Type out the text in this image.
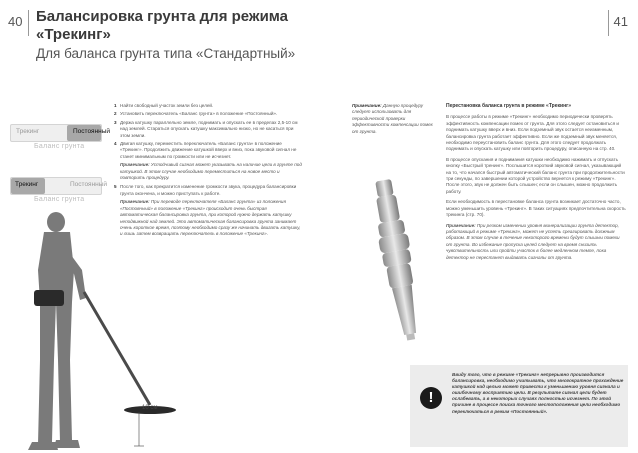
40 Балансировка грунта для режима
«Трекинг»
Для баланса грунта типа «Стандартный»
41
Трекинг	Постоянный
Баланс грунта
Трекинг	Постоянный
Баланс грунта
1 Найти свободный участок земли без целей.
2 Установить переключатель «Баланс грунта» в положение «Постоянный».
3 Держа катушку параллельно земле, поднимать и опускать ее в пределах 2,5-10 см над землей. Стараться опускать катушку максимально низко, но не касаться при этом земли.
4 Двигая катушку, переместить переключатель «Баланс грунта» в положение «Трекинг». Продолжить движение катушкой вверх и вниз, пока звуковой сигнал не станет минимальным по громкости или не исчезнет.
Примечание: Устойчивый сигнал может указывать на наличие цели в грунте под катушкой. В этом случае необходимо переместиться на новое место и повторить процедуру.
5 После того, как прекратится изменение громкости звука, процедура балансировки грунта окончена, и можно приступать к работе.
Примечание: При переводе переключателя «Баланс грунта» из положения «Постоянный» в положение «Трекинг» происходит очень быстрая автоматическая балансировка грунта, при которой нужно держать катушку неподвижной над землей. Это автоматическая балансировка грунта занимает очень короткое время, поэтому необходимо сразу же начинать двигать катушку, и лишь затем возвращать переключатель в положение «Трекинг».
10 см
Примечание: Данную процедуру следует использовать для периодической проверки эффективности компенсации помех от грунта.
Перестановка баланса грунта в режиме «Трекинг»

В процессе работы в режиме «Трекинг» необходимо периодически проверять эффективность компенсации помех от грунта. Для этого следует остановиться и поднимать катушку вверх и вниз. Если подземный звук остается неизменным, балансировка грунта работает эффективно. Если же подземный звук меняется, необходимо переустановить баланс грунта. Для этого следует продолжать поднимать и опускать катушку или повторить процедуру, описанную на стр. 40.

В процессе опускания и поднимания катушки необходимо нажимать и отпускать кнопку «Быстрый тренинг». Послышится короткий звуковой сигнал, указывающий на то, что начался быстрый автоматический баланс грунта при продолжительности три секунды, по завершении которой устройство вернется к режиму «Трекинг». После этого, звук не должен быть слышен; если он слышен, можно продолжить работу.

Если необходимость в перестановке баланса грунта возникает достаточно часто, можно уменьшить уровень «Трекинг». В таких ситуациях предпочтительна скорость трекинга (стр. 70).

Примечание: При резком изменении уровня минерализации грунта детектор, работающий в режиме «Трекинг», может не успеть среагировать должным образом. В этом случае в течение некоторого времени будут слышны помехи от грунта. Во избежание пропуска целей следует на время снизить чувствительность или пройти участок в более медленном темпе, пока детектор не перестанет выдавать сигналы от грунта.
!
Ввиду того, что в режиме «Трекинг» непрерывно производится балансировка, необходимо учитывать, что многократное прохождение катушкой над целью может привести к уменьшению уровня сигнала и ошибочному восприятию цели. В результате сигнал цели будет ослабевать, а в некоторых случаях полностью исчезнет. По этой причине в процессе поиска точного местоположения цели необходимо переключаться в режим «Постоянный».
